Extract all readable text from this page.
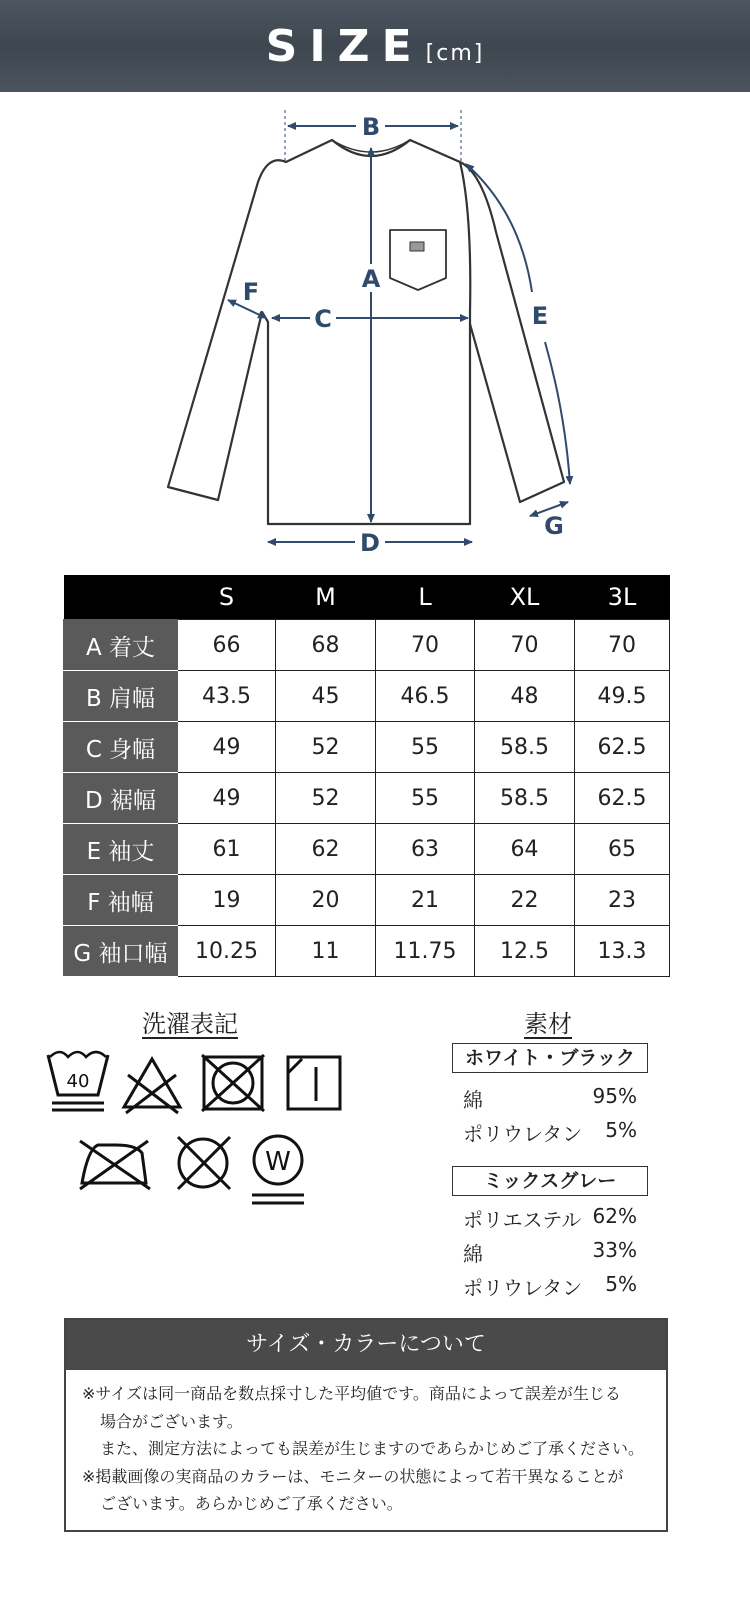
SIZE [cm]
B
A
C
D
E
F
G
	S	M	L	XL	3L
A 着丈	66	68	70	70	70
B 肩幅	43.5	45	46.5	48	49.5
C 身幅	49	52	55	58.5	62.5
D 裾幅	49	52	55	58.5	62.5
E 袖丈	61	62	63	64	65
F 袖幅	19	20	21	22	23
G 袖口幅	10.25	11	11.75	12.5	13.3
洗濯表記	素材
40
W
ホワイト・ブラック
綿	95%
ポリウレタン 5%
ミックスグレー
ポリエステル 62%
綿	33%
ポリウレタン 5%
サイズ・カラーについて
※サイズは同一商品を数点採寸した平均値です。商品によって誤差が生じる
場合がございます。
また、測定方法によっても誤差が生じますのであらかじめご了承ください。
※掲載画像の実商品のカラーは、モニターの状態によって若干異なることが
ございます。あらかじめご了承ください。
